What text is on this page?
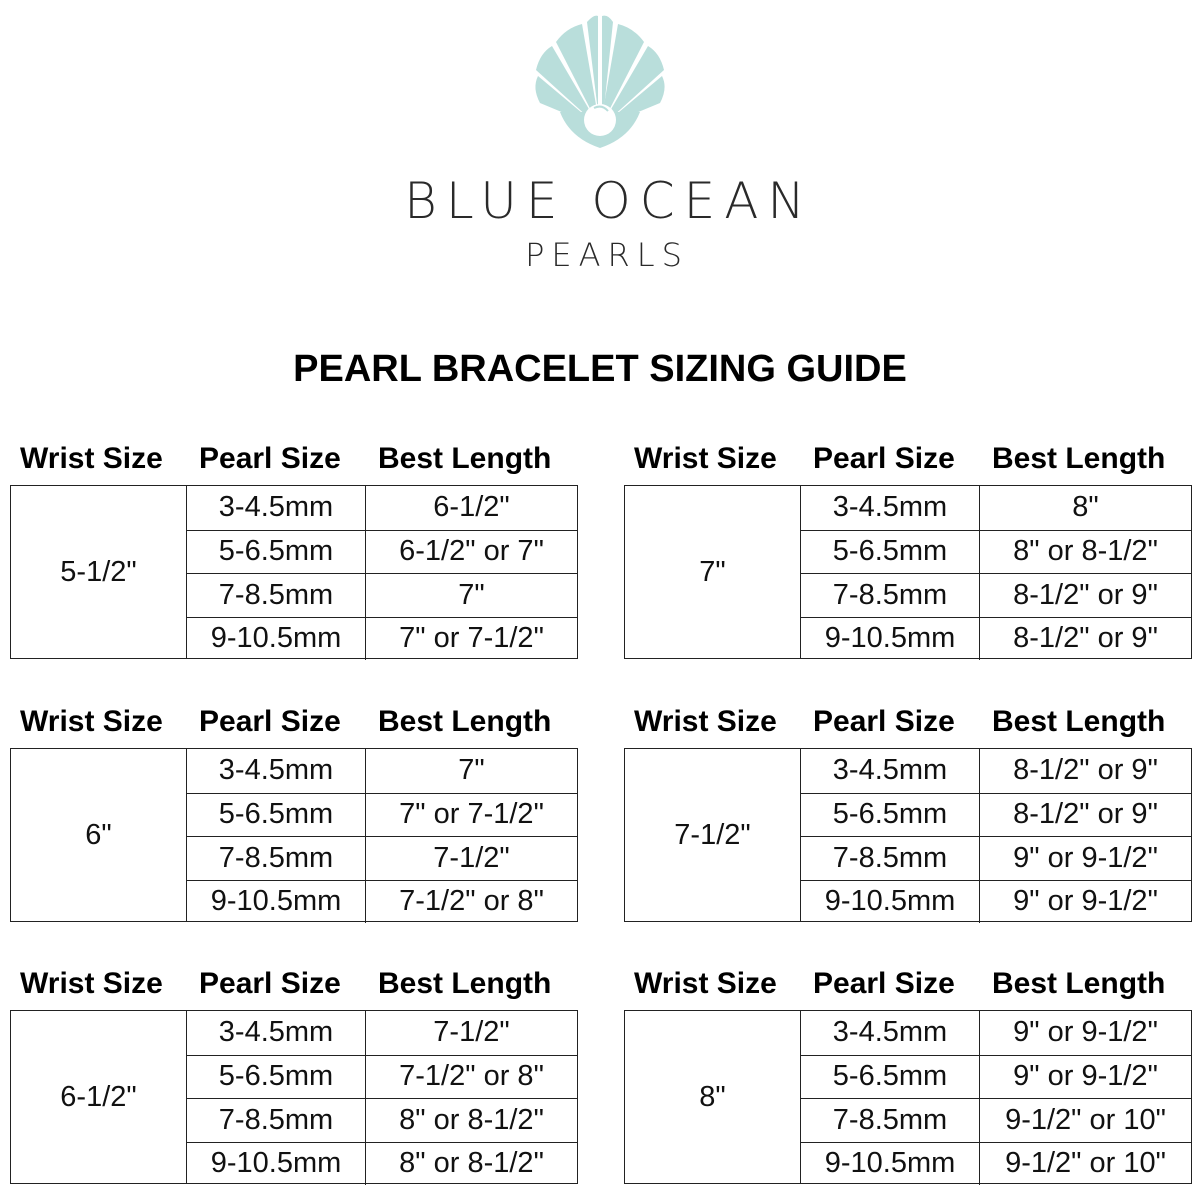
BLUE OCEAN
PEARLS
PEARL BRACELET SIZING GUIDE
Wrist Size Pearl Size Best Length
5-1/2"
3-4.5mm	6-1/2"
5-6.5mm	6-1/2" or 7"
7-8.5mm	7"
9-10.5mm	7" or 7-1/2"
Wrist Size Pearl Size Best Length
7"
3-4.5mm	8"
5-6.5mm	8" or 8-1/2"
7-8.5mm	8-1/2" or 9"
9-10.5mm	8-1/2" or 9"
Wrist Size Pearl Size Best Length
6"
3-4.5mm	7"
5-6.5mm	7" or 7-1/2"
7-8.5mm	7-1/2"
9-10.5mm	7-1/2" or 8"
Wrist Size Pearl Size Best Length
7-1/2"
3-4.5mm	8-1/2" or 9"
5-6.5mm	8-1/2" or 9"
7-8.5mm	9" or 9-1/2"
9-10.5mm	9" or 9-1/2"
Wrist Size Pearl Size Best Length
6-1/2"
3-4.5mm	7-1/2"
5-6.5mm	7-1/2" or 8"
7-8.5mm	8" or 8-1/2"
9-10.5mm	8" or 8-1/2"
Wrist Size Pearl Size Best Length
8"
3-4.5mm	9" or 9-1/2"
5-6.5mm	9" or 9-1/2"
7-8.5mm	9-1/2" or 10"
9-10.5mm	9-1/2" or 10"
